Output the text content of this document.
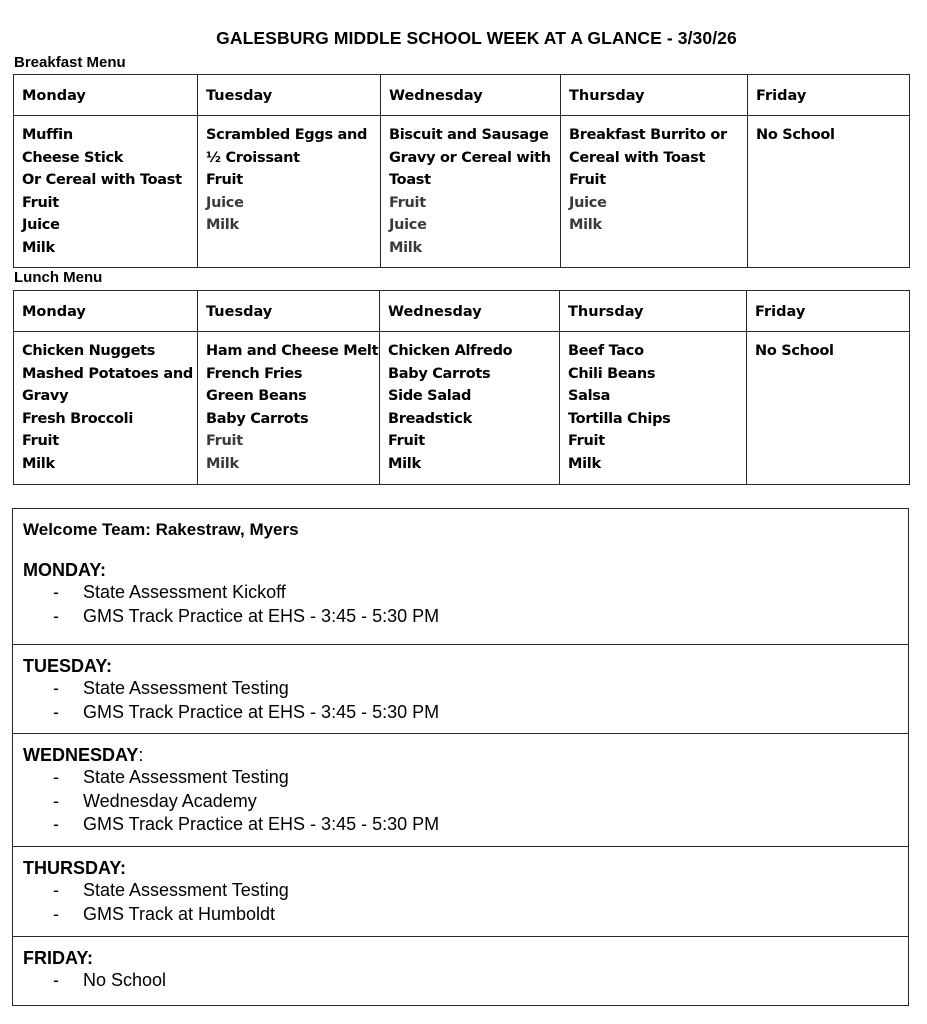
GALESBURG MIDDLE SCHOOL WEEK AT A GLANCE - 3/30/26
Breakfast Menu
Monday	Tuesday	Wednesday	Thursday	Friday

Muffin
Cheese Stick
Or Cereal with Toast
Fruit
Juice
Milk

Scrambled Eggs and
½ Croissant
Fruit
Juice
Milk

Biscuit and Sausage
Gravy or Cereal with
Toast
Fruit
Juice
Milk

Breakfast Burrito or
Cereal with Toast
Fruit
Juice
Milk

No School
Lunch Menu
Monday	Tuesday	Wednesday	Thursday	Friday

Chicken Nuggets
Mashed Potatoes and
Gravy
Fresh Broccoli
Fruit
Milk

Ham and Cheese Melt
French Fries
Green Beans
Baby Carrots
Fruit
Milk

Chicken Alfredo
Baby Carrots
Side Salad
Breadstick
Fruit
Milk

Beef Taco
Chili Beans
Salsa
Tortilla Chips
Fruit
Milk

No School
Welcome Team: Rakestraw, Myers
MONDAY:
- State Assessment Kickoff
- GMS Track Practice at EHS - 3:45 - 5:30 PM
TUESDAY:
- State Assessment Testing
- GMS Track Practice at EHS - 3:45 - 5:30 PM
WEDNESDAY:
- State Assessment Testing
- Wednesday Academy
- GMS Track Practice at EHS - 3:45 - 5:30 PM
THURSDAY:
- State Assessment Testing
- GMS Track at Humboldt
FRIDAY:
- No School
